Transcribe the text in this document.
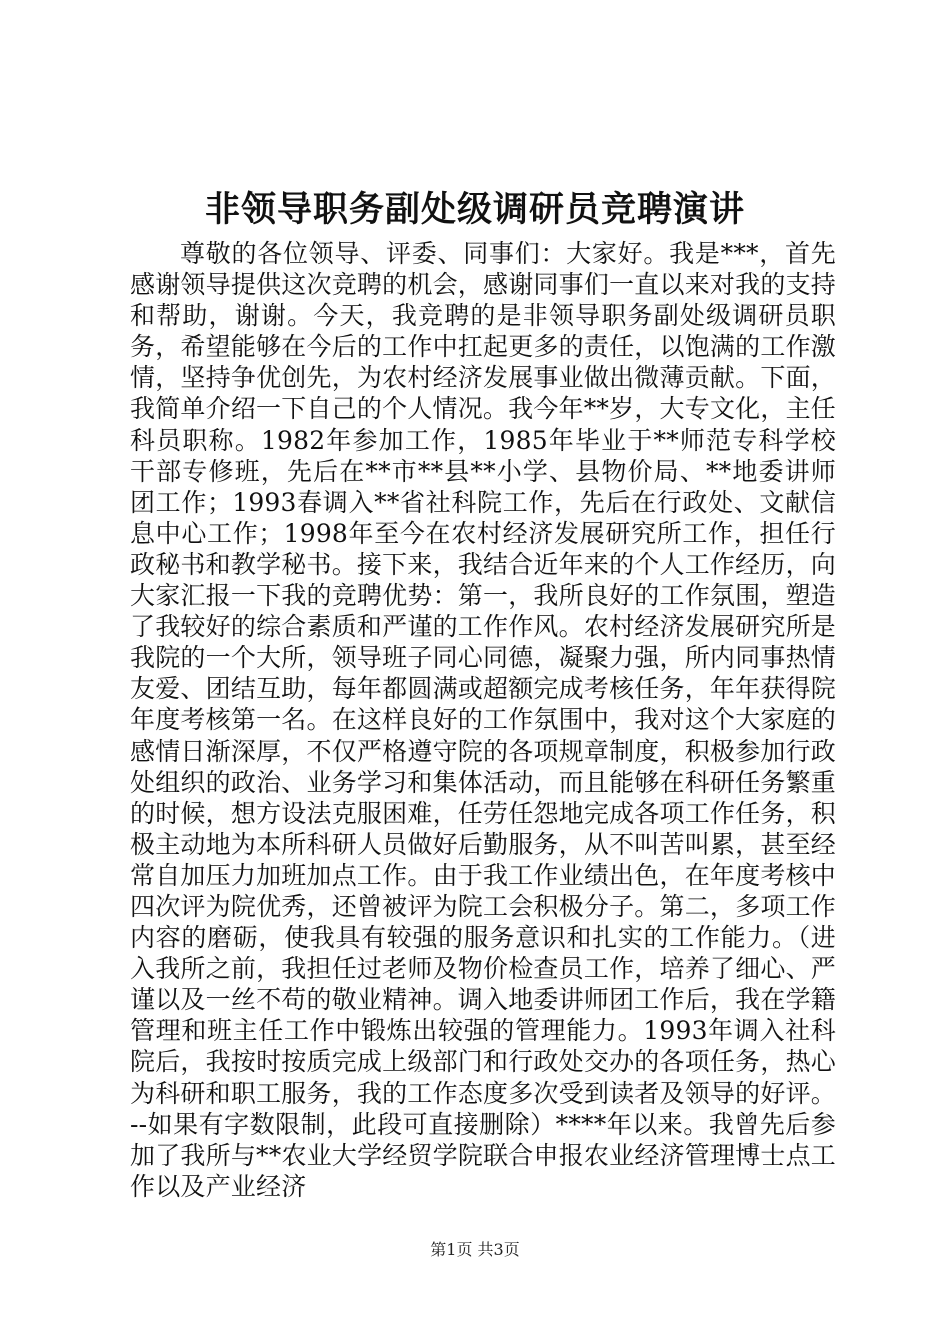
非领导职务副处级调研员竞聘演讲

尊敬的各位领导、评委、同事们：大家好。我是***，首先感谢领导提供这次竞聘的机会，感谢同事们一直以来对我的支持和帮助，谢谢。今天，我竞聘的是非领导职务副处级调研员职务，希望能够在今后的工作中扛起更多的责任，以饱满的工作激情，坚持争优创先，为农村经济发展事业做出微薄贡献。下面，我简单介绍一下自己的个人情况。我今年**岁，大专文化，主任科员职称。1982年参加工作，1985年毕业于**师范专科学校干部专修班，先后在**市**县**小学、县物价局、**地委讲师团工作；1993春调入**省社科院工作，先后在行政处、文献信息中心工作；1998年至今在农村经济发展研究所工作，担任行政秘书和教学秘书。接下来，我结合近年来的个人工作经历，向大家汇报一下我的竞聘优势：第一，我所良好的工作氛围，塑造了我较好的综合素质和严谨的工作作风。农村经济发展研究所是我院的一个大所，领导班子同心同德，凝聚力强，所内同事热情友爱、团结互助，每年都圆满或超额完成考核任务，年年获得院年度考核第一名。在这样良好的工作氛围中，我对这个大家庭的感情日渐深厚，不仅严格遵守院的各项规章制度，积极参加行政处组织的政治、业务学习和集体活动，而且能够在科研任务繁重的时候，想方设法克服困难，任劳任怨地完成各项工作任务，积极主动地为本所科研人员做好后勤服务，从不叫苦叫累，甚至经常自加压力加班加点工作。由于我工作业绩出色，在年度考核中四次评为院优秀，还曾被评为院工会积极分子。第二，多项工作内容的磨砺，使我具有较强的服务意识和扎实的工作能力。（进入我所之前，我担任过老师及物价检查员工作，培养了细心、严谨以及一丝不苟的敬业精神。调入地委讲师团工作后，我在学籍管理和班主任工作中锻炼出较强的管理能力。1993年调入社科院后，我按时按质完成上级部门和行政处交办的各项任务，热心为科研和职工服务，我的工作态度多次受到读者及领导的好评。--如果有字数限制，此段可直接删除）****年以来。我曾先后参加了我所与**农业大学经贸学院联合申报农业经济管理博士点工作以及产业经济

第1页 共3页
